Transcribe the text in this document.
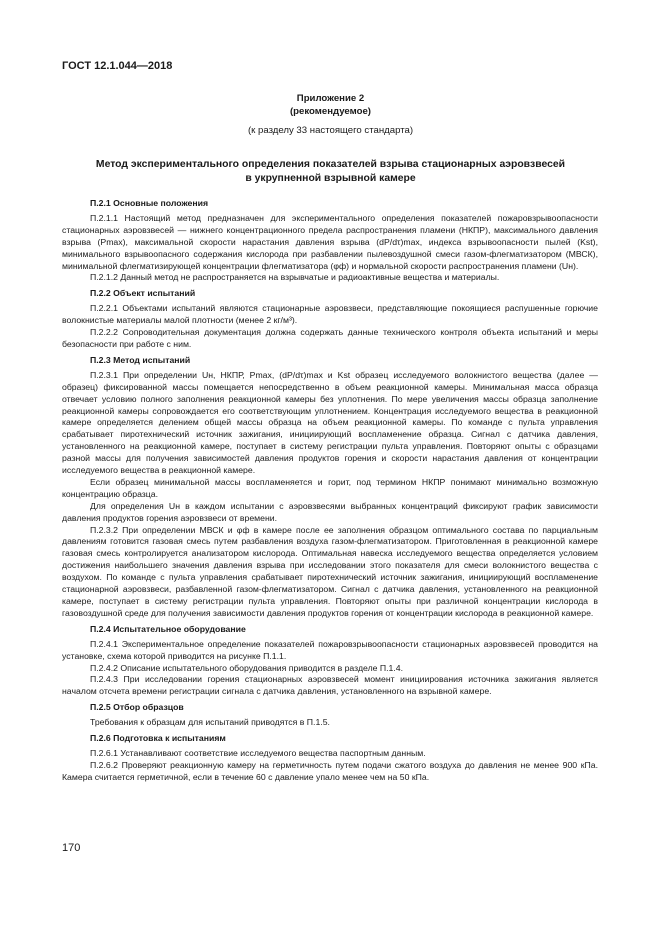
ГОСТ 12.1.044—2018
Приложение 2
(рекомендуемое)
(к разделу 33 настоящего стандарта)
Метод экспериментального определения показателей взрыва стационарных аэровзвесей
в укрупненной взрывной камере
П.2.1 Основные положения

П.2.1.1 Настоящий метод предназначен для экспериментального определения показателей пожаровзрывоопасности стационарных аэровзвесей — нижнего концентрационного предела распространения пламени (НКПР), максимального давления взрыва (Pmax), максимальной скорости нарастания давления взрыва (dP/dτ)max, индекса взрывоопасности пылей (Kst), минимального взрывоопасного содержания кислорода при разбавлении пылевоздушной смеси газом-флегматизатором (МВСК), минимальной флегматизирующей концентрации флегматизатора (φф) и нормальной скорости распространения пламени (Uн).

П.2.1.2 Данный метод не распространяется на взрывчатые и радиоактивные вещества и материалы.

П.2.2 Объект испытаний

П.2.2.1 Объектами испытаний являются стационарные аэровзвеси, представляющие покоящиеся распушенные горючие волокнистые материалы малой плотности (менее 2 кг/м³).

П.2.2.2 Сопроводительная документация должна содержать данные технического контроля объекта испытаний и меры безопасности при работе с ним.

П.2.3 Метод испытаний

П.2.3.1 При определении Uн, НКПР, Pmax, (dP/dτ)max и Kst образец исследуемого волокнистого вещества (далее — образец) фиксированной массы помещается непосредственно в объем реакционной камеры. Минимальная масса образца отвечает условию полного заполнения реакционной камеры без уплотнения. По мере увеличения массы образца заполнение реакционной камеры сопровождается его соответствующим уплотнением. Концентрация исследуемого вещества в реакционной камере определяется делением общей массы образца на объем реакционной камеры. По команде с пульта управления срабатывает пиротехнический источник зажигания, инициирующий воспламенение образца. Сигнал с датчика давления, установленного на реакционной камере, поступает в систему регистрации пульта управления. Повторяют опыты с образцами разной массы для получения зависимостей давления продуктов горения и скорости нарастания давления от концентрации исследуемого вещества в реакционной камере.

Если образец минимальной массы воспламеняется и горит, под термином НКПР понимают минимально возможную концентрацию образца.

Для определения Uн в каждом испытании с аэровзвесями выбранных концентраций фиксируют график зависимости давления продуктов горения аэровзвеси от времени.

П.2.3.2 При определении МВСК и φф в камере после ее заполнения образцом оптимального состава по парциальным давлениям готовится газовая смесь путем разбавления воздуха газом-флегматизатором. Приготовленная в реакционной камере газовая смесь контролируется анализатором кислорода. Оптимальная навеска исследуемого вещества определяется условием достижения наибольшего значения давления взрыва при исследовании этого показателя для смеси волокнистого вещества с воздухом. По команде с пульта управления срабатывает пиротехнический источник зажигания, инициирующий воспламенение стационарной аэровзвеси, разбавленной газом-флегматизатором. Сигнал с датчика давления, установленного на реакционной камере, поступает в систему регистрации пульта управления. Повторяют опыты при различной концентрации кислорода в газовоздушной среде для получения зависимости давления продуктов горения от концентрации кислорода в реакционной камере.

П.2.4 Испытательное оборудование

П.2.4.1 Экспериментальное определение показателей пожаровзрывоопасности стационарных аэровзвесей проводится на установке, схема которой приводится на рисунке П.1.1.

П.2.4.2 Описание испытательного оборудования приводится в разделе П.1.4.

П.2.4.3 При исследовании горения стационарных аэровзвесей момент инициирования источника зажигания является началом отсчета времени регистрации сигнала с датчика давления, установленного на взрывной камере.

П.2.5 Отбор образцов

Требования к образцам для испытаний приводятся в П.1.5.

П.2.6 Подготовка к испытаниям

П.2.6.1 Устанавливают соответствие исследуемого вещества паспортным данным.

П.2.6.2 Проверяют реакционную камеру на герметичность путем подачи сжатого воздуха до давления не менее 900 кПа. Камера считается герметичной, если в течение 60 с давление упало менее чем на 50 кПа.

170
